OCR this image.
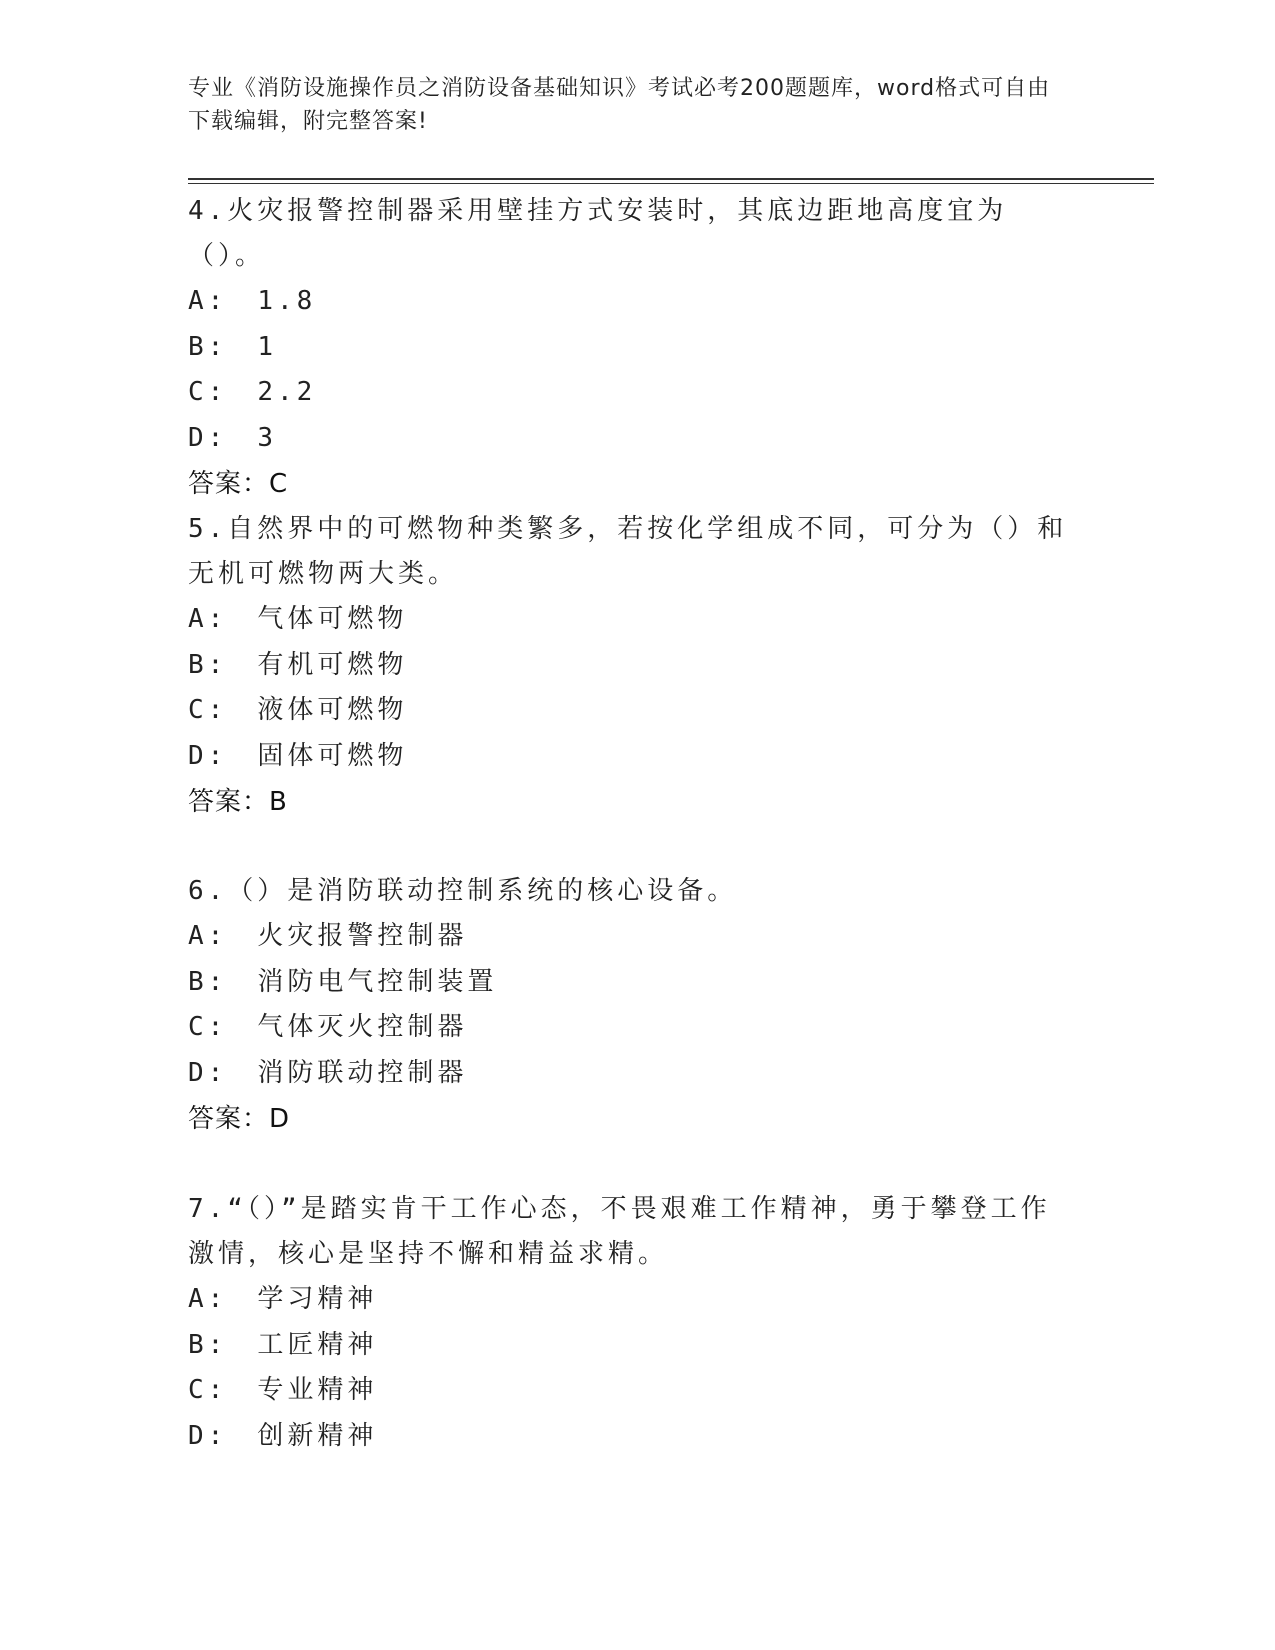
专业《消防设施操作员之消防设备基础知识》考试必考200题题库，word格式可自由下载编辑，附完整答案!

4.火灾报警控制器采用壁挂方式安装时，其底边距地高度宜为（）。

A: 1.8
B: 1
C: 2.2
D: 3
答案：C

5.自然界中的可燃物种类繁多，若按化学组成不同，可分为（）和无机可燃物两大类。

A: 气体可燃物
B: 有机可燃物
C: 液体可燃物
D: 固体可燃物
答案：B

6.（）是消防联动控制系统的核心设备。

A: 火灾报警控制器
B: 消防电气控制装置
C: 气体灭火控制器
D: 消防联动控制器
答案：D

7.“（）”是踏实肯干工作心态，不畏艰难工作精神，勇于攀登工作激情，核心是坚持不懈和精益求精。

A: 学习精神
B: 工匠精神
C: 专业精神
D: 创新精神
